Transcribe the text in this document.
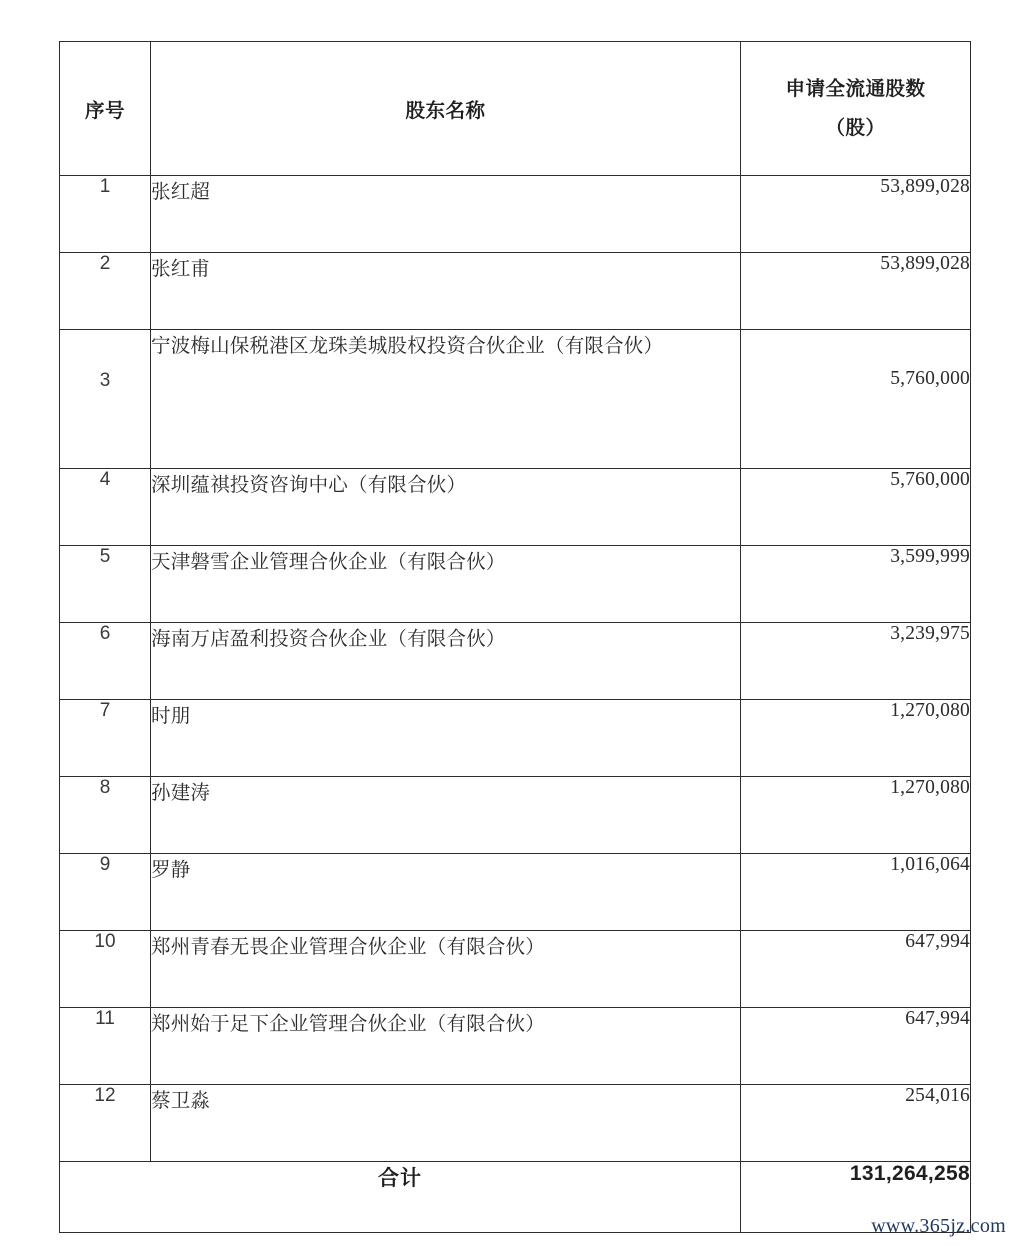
序号	股东名称	申请全流通股数
（股）

1	张红超	53,899,028
2	张红甫	53,899,028
3	宁波梅山保税港区龙珠美城股权投资合伙企业（有限合伙）	5,760,000
4	深圳蕴祺投资咨询中心（有限合伙）	5,760,000
5	天津磐雪企业管理合伙企业（有限合伙）	3,599,999
6	海南万店盈利投资合伙企业（有限合伙）	3,239,975
7	时朋	1,270,080
8	孙建涛	1,270,080
9	罗静	1,016,064
10	郑州青春无畏企业管理合伙企业（有限合伙）	647,994
11	郑州始于足下企业管理合伙企业（有限合伙）	647,994
12	蔡卫淼	254,016
合计		131,264,258
www.365jz.com
